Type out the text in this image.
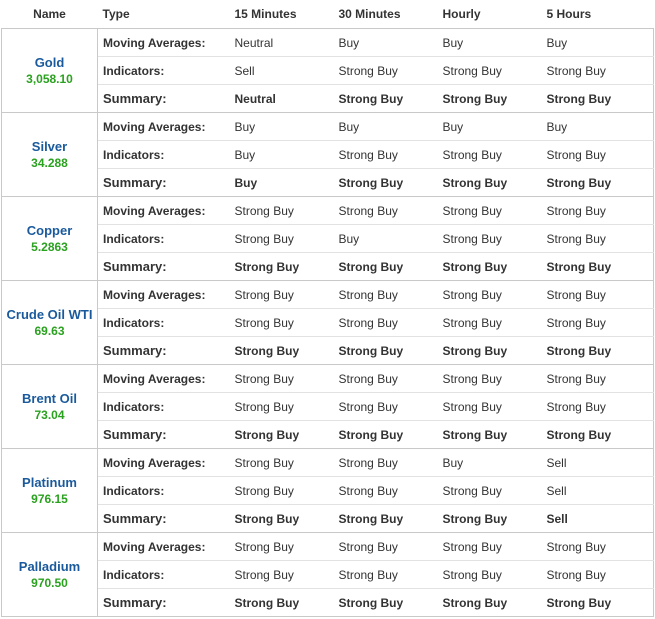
Name	Type	15 Minutes	30 Minutes	Hourly	5 Hours

Gold
3,058.10	Moving Averages:	Neutral	Buy	Buy	Buy
	Indicators:	Sell	Strong Buy	Strong Buy	Strong Buy
	Summary:	Neutral	Strong Buy	Strong Buy	Strong Buy

Silver
34.288	Moving Averages:	Buy	Buy	Buy	Buy
	Indicators:	Buy	Strong Buy	Strong Buy	Strong Buy
	Summary:	Buy	Strong Buy	Strong Buy	Strong Buy

Copper
5.2863	Moving Averages:	Strong Buy	Strong Buy	Strong Buy	Strong Buy
	Indicators:	Strong Buy	Buy	Strong Buy	Strong Buy
	Summary:	Strong Buy	Strong Buy	Strong Buy	Strong Buy

Crude Oil WTI
69.63	Moving Averages:	Strong Buy	Strong Buy	Strong Buy	Strong Buy
	Indicators:	Strong Buy	Strong Buy	Strong Buy	Strong Buy
	Summary:	Strong Buy	Strong Buy	Strong Buy	Strong Buy

Brent Oil
73.04	Moving Averages:	Strong Buy	Strong Buy	Strong Buy	Strong Buy
	Indicators:	Strong Buy	Strong Buy	Strong Buy	Strong Buy
	Summary:	Strong Buy	Strong Buy	Strong Buy	Strong Buy

Platinum
976.15	Moving Averages:	Strong Buy	Strong Buy	Buy	Sell
	Indicators:	Strong Buy	Strong Buy	Strong Buy	Sell
	Summary:	Strong Buy	Strong Buy	Strong Buy	Sell

Palladium
970.50	Moving Averages:	Strong Buy	Strong Buy	Strong Buy	Strong Buy
	Indicators:	Strong Buy	Strong Buy	Strong Buy	Strong Buy
	Summary:	Strong Buy	Strong Buy	Strong Buy	Strong Buy
